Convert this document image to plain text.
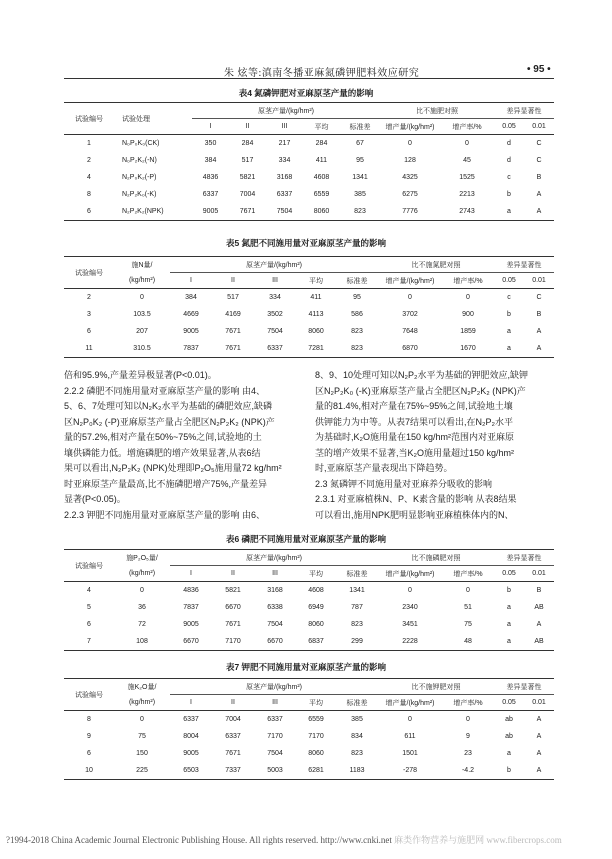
朱 炫等:滇南冬播亚麻氮磷钾肥料效应研究	• 95 •
表4 氮磷钾肥对亚麻原茎产量的影响
试验编号	试验处理	原茎产量/(kg/hm²)					比不施肥对照		差异显著性	
		I	II	III	平均	标准差	增产量/(kg/hm²)	增产率/%	0.05	0.01
1	N₀P₀K₀(CK)	350	284	217	284	67	0	0	d	C
2	N₀P₂K₂(-N)	384	517	334	411	95	128	45	d	C
4	N₂P₀K₂(-P)	4836	5821	3168	4608	1341	4325	1525	c	B
8	N₂P₂K₀(-K)	6337	7004	6337	6559	385	6275	2213	b	A
6	N₂P₂K₂(NPK)	9005	7671	7504	8060	823	7776	2743	a	A
表5 氮肥不同施用量对亚麻原茎产量的影响
试验编号	施N量/	原茎产量/(kg/hm²)					比不施氮肥对照		差异显著性	
	(kg/hm²)	I	II	III	平均	标准差	增产量/(kg/hm²)	增产率/%	0.05	0.01
2	0	384	517	334	411	95	0	0	c	C
3	103.5	4669	4169	3502	4113	586	3702	900	b	B
6	207	9005	7671	7504	8060	823	7648	1859	a	A
11	310.5	7837	7671	6337	7281	823	6870	1670	a	A

倍和95.9%,产量差异极显著(P<0.01)。

2.2.2 磷肥不同施用量对亚麻原茎产量的影响 由4、

5、6、7处理可知以N₂K₂水平为基础的磷肥效应,缺磷

区N₂P₀K₂ (-P)亚麻原茎产量占全肥区N₂P₂K₂ (NPK)产

量的57.2%,相对产量在50%~75%之间,试验地的土

壤供磷能力低。增施磷肥的增产效果显著,从表6结

果可以看出,N₂P₂K₂ (NPK)处理即P₂O₅施用量72 kg/hm²

时亚麻原茎产量最高,比不施磷肥增产75%,产量差异

显著(P<0.05)。

2.2.3 钾肥不同施用量对亚麻原茎产量的影响 由6、

8、9、10处理可知以N₂P₂水平为基础的钾肥效应,缺钾

区N₂P₂K₀ (-K)亚麻原茎产量占全肥区N₂P₂K₂ (NPK)产

量的81.4%,相对产量在75%~95%之间,试验地土壤

供钾能力为中等。从表7结果可以看出,在N₂P₂水平

为基础时,K₂O施用量在150 kg/hm²范围内对亚麻原

茎的增产效果不显著,当K₂O施用量超过150 kg/hm²

时,亚麻原茎产量表现出下降趋势。

2.3 氮磷钾不同施用量对亚麻养分吸收的影响

2.3.1 对亚麻植株N、P、K素含量的影响 从表8结果

可以看出,施用NPK肥明显影响亚麻植株体内的N、

表6 磷肥不同施用量对亚麻原茎产量的影响
试验编号	施P₂O₅量/	原茎产量/(kg/hm²)					比不施磷肥对照		差异显著性	
	(kg/hm²)	I	II	III	平均	标准差	增产量/(kg/hm²)	增产率/%	0.05	0.01
4	0	4836	5821	3168	4608	1341	0	0	b	B
5	36	7837	6670	6338	6949	787	2340	51	a	AB
6	72	9005	7671	7504	8060	823	3451	75	a	A
7	108	6670	7170	6670	6837	299	2228	48	a	AB
表7 钾肥不同施用量对亚麻原茎产量的影响
试验编号	施K₂O量/	原茎产量/(kg/hm²)					比不施钾肥对照		差异显著性	
	(kg/hm²)	I	II	III	平均	标准差	增产量/(kg/hm²)	增产率/%	0.05	0.01
8	0	6337	7004	6337	6559	385	0	0	ab	A
9	75	8004	6337	7170	7170	834	611	9	ab	A
6	150	9005	7671	7504	8060	823	1501	23	a	A
10	225	6503	7337	5003	6281	1183	-278	-4.2	b	A
?1994-2018 China Academic Journal Electronic Publishing House. All rights reserved. http://www.cnki.net 麻类作物营养与施肥网 www.fibercrops.com
